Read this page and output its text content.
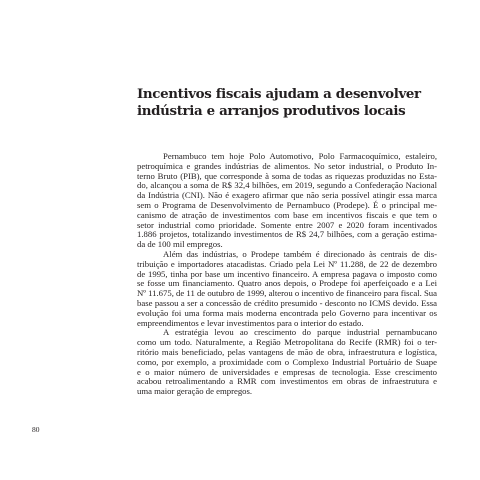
Incentivos fiscais ajudam a desenvolver
indústria e arranjos produtivos locais
Pernambuco tem hoje Polo Automotivo, Polo Farmacoquímico, estaleiro,
petroquímica e grandes indústrias de alimentos. No setor industrial, o Produto In-
terno Bruto (PIB), que corresponde à soma de todas as riquezas produzidas no Esta-
do, alcançou a soma de R$ 32,4 bilhões, em 2019, segundo a Confederação Nacional
da Indústria (CNI). Não é exagero afirmar que não seria possível atingir essa marca
sem o Programa de Desenvolvimento de Pernambuco (Prodepe). É o principal me-
canismo de atração de investimentos com base em incentivos fiscais e que tem o
setor industrial como prioridade. Somente entre 2007 e 2020 foram incentivados
1.886 projetos, totalizando investimentos de R$ 24,7 bilhões, com a geração estima-
da de 100 mil empregos.
Além das indústrias, o Prodepe também é direcionado às centrais de dis-
tribuição e importadores atacadistas. Criado pela Lei Nº 11.288, de 22 de dezembro
de 1995, tinha por base um incentivo financeiro. A empresa pagava o imposto como
se fosse um financiamento. Quatro anos depois, o Prodepe foi aperfeiçoado e a Lei
Nº 11.675, de 11 de outubro de 1999, alterou o incentivo de financeiro para fiscal. Sua
base passou a ser a concessão de crédito presumido - desconto no ICMS devido. Essa
evolução foi uma forma mais moderna encontrada pelo Governo para incentivar os
empreendimentos e levar investimentos para o interior do estado.
A estratégia levou ao crescimento do parque industrial pernambucano
como um todo. Naturalmente, a Região Metropolitana do Recife (RMR) foi o ter-
ritório mais beneficiado, pelas vantagens de mão de obra, infraestrutura e logística,
como, por exemplo, a proximidade com o Complexo Industrial Portuário de Suape
e o maior número de universidades e empresas de tecnologia. Esse crescimento
acabou retroalimentando a RMR com investimentos em obras de infraestrutura e
uma maior geração de empregos.
80
